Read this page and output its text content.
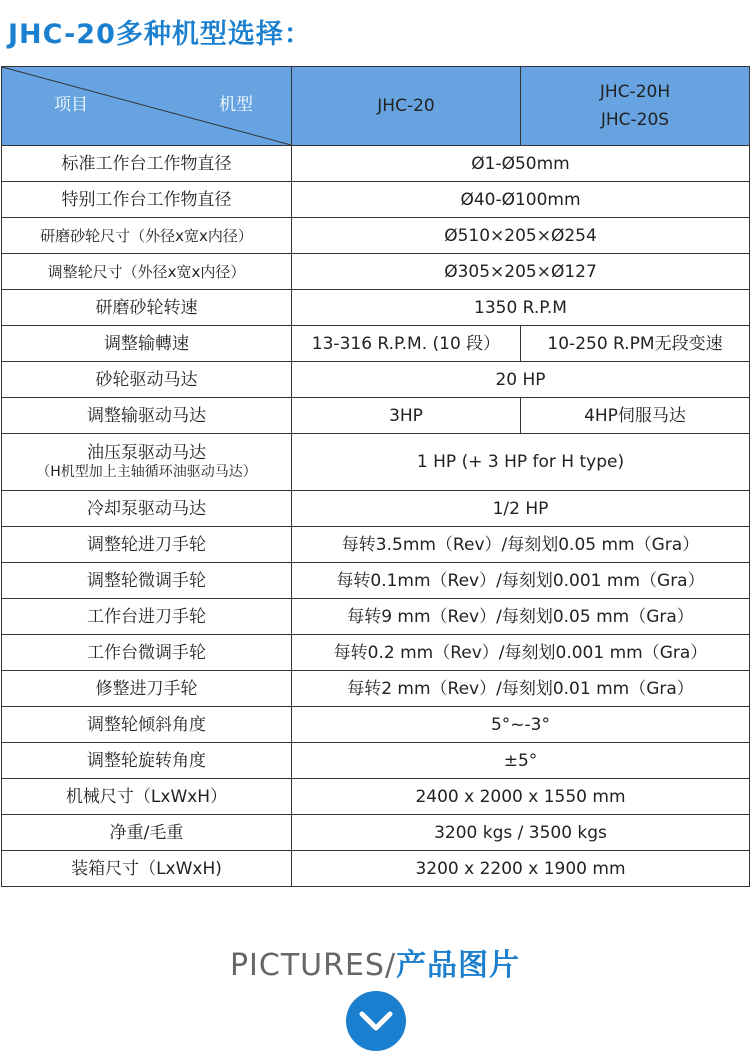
JHC-20多种机型选择：
项目 机型	JHC-20	JHC-20H
JHC-20S

标准工作台工作物直径	Ø1-Ø50mm	
特别工作台工作物直径	Ø40-Ø100mm	
研磨砂轮尺寸（外径x宽x内径）	Ø510×205×Ø254	
调整轮尺寸（外径x宽x内径）	Ø305×205×Ø127	
研磨砂轮转速	1350 R.P.M	
调整输轉速	13-316 R.P.M. (10 段）	10-250 R.PM无段变速
砂轮驱动马达	20 HP	
调整输驱动马达	3HP	4HP伺服马达

油压泵驱动马达
（H机型加上主轴循环油驱动马达）	1 HP (+ 3 HP for H type)	
冷却泵驱动马达	1/2 HP	
调整轮进刀手轮	每转3.5mm（Rev）/每刻划0.05 mm（Gra）	
调整轮微调手轮	每转0.1mm（Rev）/每刻划0.001 mm（Gra）	
工作台进刀手轮	每转9 mm（Rev）/每刻划0.05 mm（Gra）	
工作台微调手轮	每转0.2 mm（Rev）/每刻划0.001 mm（Gra）	
修整进刀手轮	每转2 mm（Rev）/每刻划0.01 mm（Gra）	
调整轮倾斜角度	5°~-3°	
调整轮旋转角度	±5°	
机械尺寸（LxWxH）	2400 x 2000 x 1550 mm	
净重/毛重	3200 kgs / 3500 kgs	
装箱尺寸（LxWxH)	3200 x 2200 x 1900 mm	
PICTURES/产品图片
